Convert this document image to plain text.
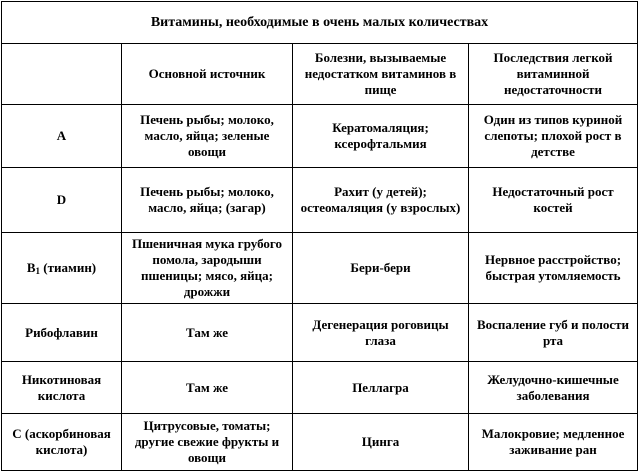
Витамины, необходимые в очень малых количествах			
	Основной источник	Болезни, вызываемые недостатком витаминов в пище	Последствия легкой витаминной недостаточности
A	Печень рыбы; молоко, масло, яйца; зеленые овощи	Кератомаляция; ксерофтальмия	Один из типов куриной слепоты; плохой рост в детстве
D	Печень рыбы; молоко, масло, яйца; (загар)	Рахит (у детей); остеомаляция (у взрослых)	Недостаточный рост костей
$B_1$ (тиамин)	Пшеничная мука грубого помола, зародыши пшеницы; мясо, яйца; дрожжи	Бери-бери	Нервное расстройство; быстрая утомляемость
Рибофлавин	Там же	Дегенерация роговицы глаза	Воспаление губ и полости рта
Никотиновая кислота	Там же	Пеллагра	Желудочно-кишечные заболевания
С (аскорбиновая кислота)	Цитрусовые, томаты; другие свежие фрукты и овощи	Цинга	Малокровие; медленное заживание ран
